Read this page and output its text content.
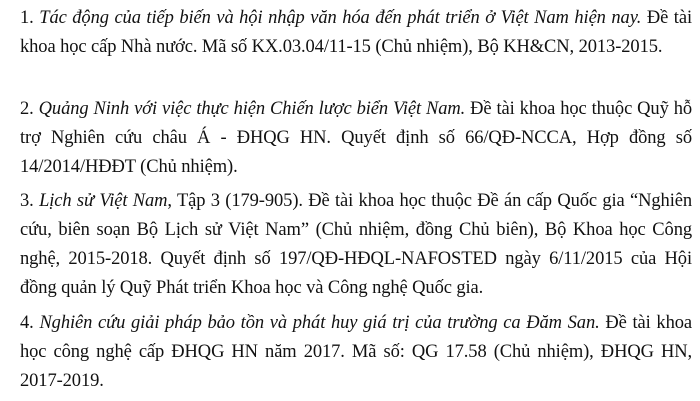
1. Tác động của tiếp biến và hội nhập văn hóa đến phát triển ở Việt Nam hiện nay. Đề tài khoa học cấp Nhà nước. Mã số KX.03.04/11-15 (Chủ nhiệm), Bộ KH&CN, 2013-2015.

2. Quảng Ninh với việc thực hiện Chiến lược biển Việt Nam. Đề tài khoa học thuộc Quỹ hỗ trợ Nghiên cứu châu Á - ĐHQG HN. Quyết định số 66/QĐ-NCCA, Hợp đồng số 14/2014/HĐĐT (Chủ nhiệm).

3. Lịch sử Việt Nam, Tập 3 (179-905). Đề tài khoa học thuộc Đề án cấp Quốc gia “Nghiên cứu, biên soạn Bộ Lịch sử Việt Nam” (Chủ nhiệm, đồng Chủ biên), Bộ Khoa học Công nghệ, 2015-2018. Quyết định số 197/QĐ-HĐQL-NAFOSTED ngày 6/11/2015 của Hội đồng quản lý Quỹ Phát triển Khoa học và Công nghệ Quốc gia.

4. Nghiên cứu giải pháp bảo tồn và phát huy giá trị của trường ca Đăm San. Đề tài khoa học công nghệ cấp ĐHQG HN năm 2017. Mã số: QG 17.58 (Chủ nhiệm), ĐHQG HN, 2017-2019.
